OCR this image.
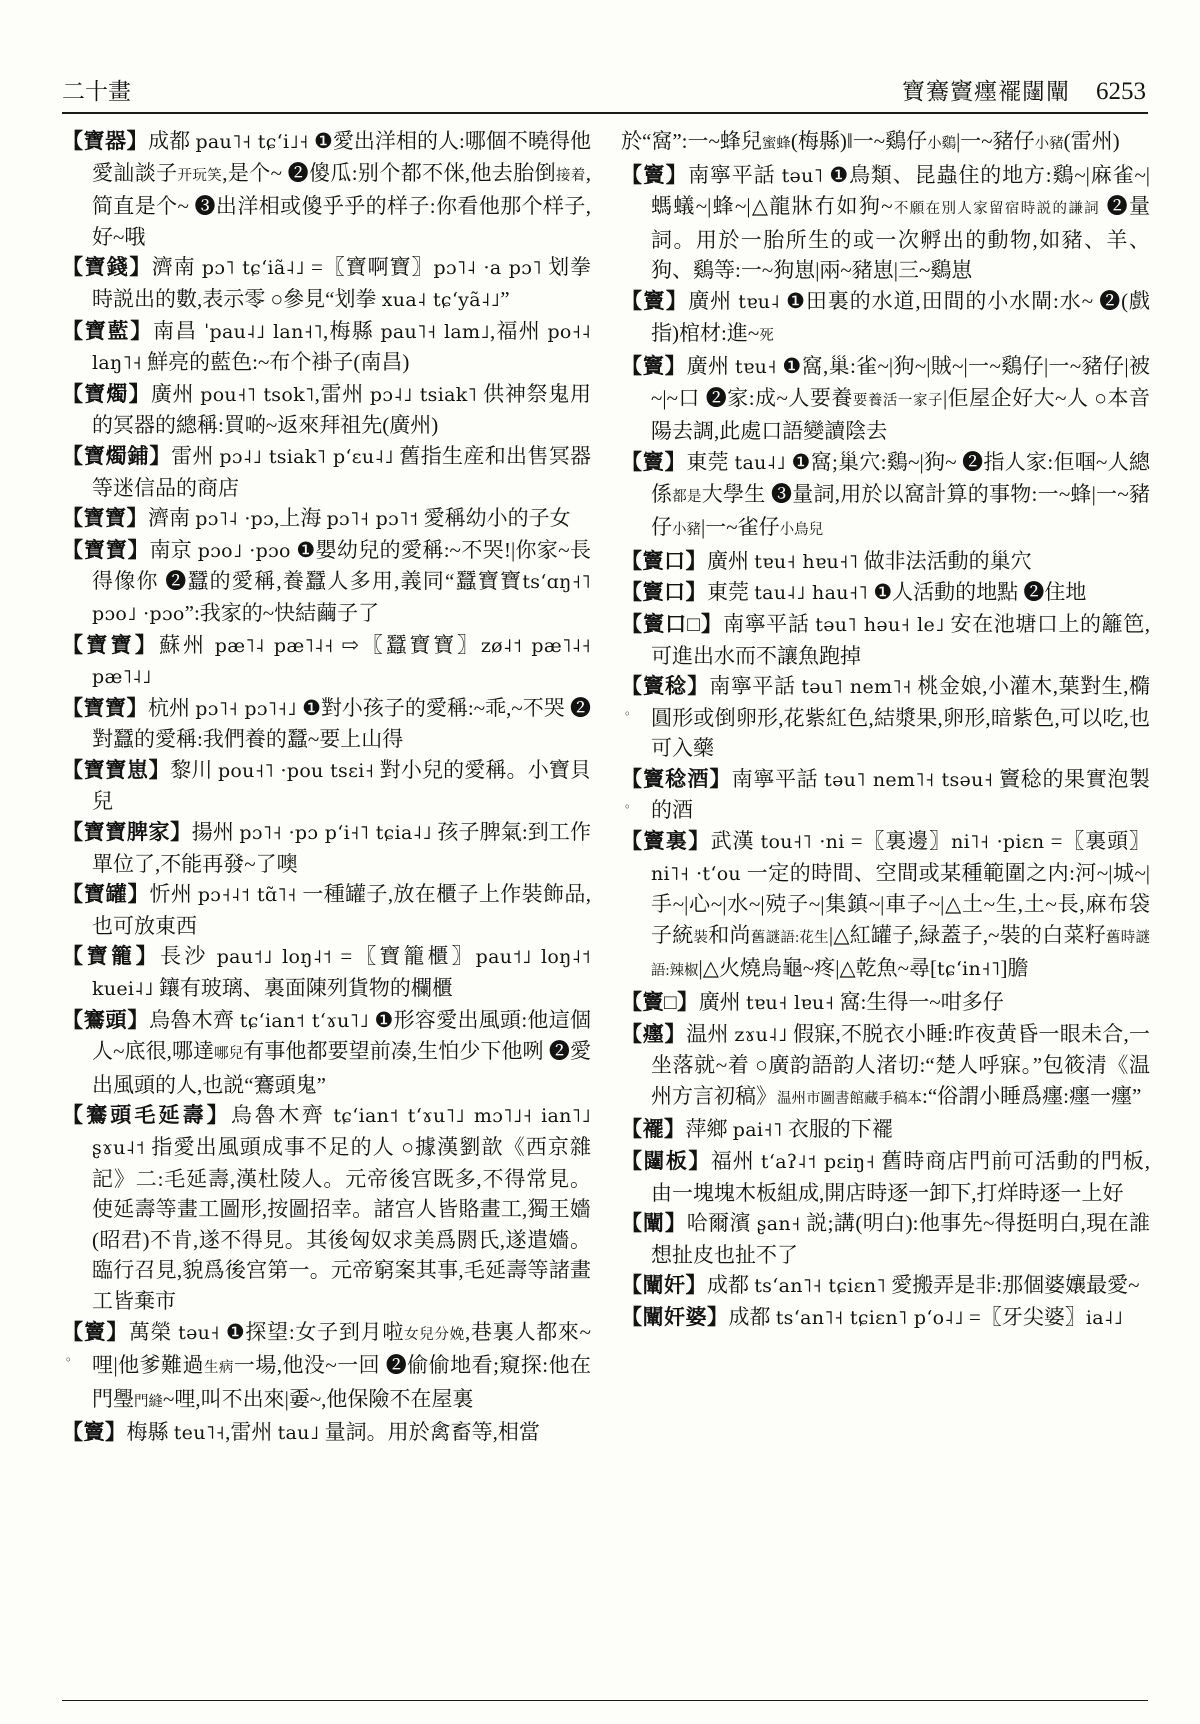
二十畫	寶鶱竇癦襬闥闡 6253

【寶器】成都 pau˥˧ tɕʻi˩˧ ❶愛出洋相的人:哪個不曉得他愛訕談子开玩笑,是个~ ❷傻瓜:别个都不侎,他去胎倒接着,简直是个~ ❸出洋相或傻乎乎的样子:你看他那个样子,好~哦

【寶錢】濟南 pɔ˥ tɕʻiã˨˩ =〖寶啊寶〗pɔ˥˨ ·a pɔ˥ 划拳時説出的數,表示零 ○參見“划拳 xua˨ tɕʻyã˨˩”

【寶藍】南昌 ˈpau˨˩ lan˧˥,梅縣 pau˥˧ lam˩,福州 po˧˨ laŋ˥˧ 鮮亮的藍色:~布个褂子(南昌)

【寶燭】廣州 pou˧˥ tsok˥,雷州 pɔ˨˩ tsiak˥ 供神祭鬼用的冥器的總稱:買啲~返來拜祖先(廣州)

【寶燭鋪】雷州 pɔ˨˩ tsiak˥ pʻɛu˨˩ 舊指生産和出售冥器等迷信品的商店

【寶寶】濟南 pɔ˥˨ ·pɔ,上海 pɔ˥˧ pɔ˥˦ 愛稱幼小的子女

【寶寶】南京 pɔo˩ ·pɔo ❶嬰幼兒的愛稱:~不哭!|你家~長得像你 ❷蠶的愛稱,養蠶人多用,義同“蠶寶寶tsʻɑŋ˧˥ pɔo˩ ·pɔo”:我家的~快結繭子了

【寶寶】蘇州 pæ˥˨ pæ˥˨˧ ⇨〖蠶寶寶〗zø˨˦ pæ˥˨˧ pæ˥˨˩

【寶寶】杭州 pɔ˥˧ pɔ˥˧˩ ❶對小孩子的愛稱:~乖,~不哭 ❷對蠶的愛稱:我們養的蠶~要上山得

【寶寶崽】黎川 pou˧˥ ·pou tsɛi˧ 對小兒的愛稱。小寶貝兒

【寶寶脾家】揚州 pɔ˥˧ ·pɔ pʻi˧˥ tɕia˨˩ 孩子脾氣:到工作單位了,不能再發~了噢

【寶罐】忻州 pɔ˧˨˦ tɑ̃˥˧ 一種罐子,放在櫃子上作裝飾品,也可放東西

【寶籠】長沙 pau˦˩ loŋ˨˦ =〖寶籠櫃〗pau˦˩ loŋ˨˦ kuei˨˩ 鑲有玻璃、裏面陳列貨物的欄櫃

【鶱頭】烏魯木齊 tɕʻian˦ tʻɤu˥˩ ❶形容愛出風頭:他這個人~底很,哪達哪兒有事他都要望前凑,生怕少下他咧 ❷愛出風頭的人,也説“鶱頭鬼”

【鶱頭毛延壽】烏魯木齊 tɕʻian˦ tʻɤu˥˩ mɔ˥˩˧ ian˥˩ ʂɤu˨˦ 指愛出風頭成事不足的人 ○據漢劉歆《西京雜記》二:毛延壽,漢杜陵人。元帝後宫既多,不得常見。使延壽等畫工圖形,按圖招幸。諸宫人皆賂畫工,獨王嬙(昭君)不肯,遂不得見。其後匈奴求美爲閼氏,遂遣嬙。臨行召見,貌爲後宫第一。元帝窮案其事,毛延壽等諸畫工皆棄市

。
【竇】萬榮 təu˧ ❶探望:女子到月啦女兒分娩,巷裏人都來~哩|他爹難過生病一場,他没~一回 ❷偷偷地看;窺探:他在門璺門縫~哩,叫不出來|嫑~,他保險不在屋裏

【竇】梅縣 teu˥˧,雷州 tau˩ 量詞。用於禽畜等,相當

於“窩”:一~蜂兒蜜蜂(梅縣)‖一~鷄仔小鷄|一~豬仔小豬(雷州)

【竇】南寧平話 təu˥ ❶鳥類、昆蟲住的地方:鷄~|麻雀~|螞蟻~|蜂~|△龍牀冇如狗~不願在別人家留宿時説的謙詞 ❷量詞。用於一胎所生的或一次孵出的動物,如豬、羊、狗、鷄等:一~狗崽|兩~豬崽|三~鷄崽

【竇】廣州 tɐu˨ ❶田裏的水道,田間的小水閘:水~ ❷(戲指)棺材:進~死

【竇】廣州 tɐu˧ ❶窩,巢:雀~|狗~|賊~|一~鷄仔|一~豬仔|被~|~口 ❷家:成~人要養要養活一家子|佢屋企好大~人 ○本音陽去調,此處口語變讀陰去

【竇】東莞 tau˨˩ ❶窩;巢穴:鷄~|狗~ ❷指人家:佢啯~人總係都是大學生 ❸量詞,用於以窩計算的事物:一~蜂|一~豬仔小豬|一~雀仔小鳥兒

【竇口】廣州 tɐu˧ hɐu˧˥ 做非法活動的巢穴

【竇口】東莞 tau˨˩ hau˧˥ ❶人活動的地點 ❷住地

【竇口□】南寧平話 təu˥ həu˧ le˩ 安在池塘口上的籬笆,可進出水而不讓魚跑掉

。
【竇稔】南寧平話 təu˥ nem˥˧ 桃金娘,小灌木,葉對生,橢圓形或倒卵形,花紫紅色,結漿果,卵形,暗紫色,可以吃,也可入藥

。
【竇稔酒】南寧平話 təu˥ nem˥˧ tsəu˧ 竇稔的果實泡製的酒

【竇裏】武漢 tou˧˥ ·ni =〖裏邊〗ni˥˧ ·piɛn =〖裏頭〗ni˥˧ ·tʻou 一定的時間、空間或某種範圍之内:河~|城~|手~|心~|水~|殑子~|集鎮~|車子~|△土~生,土~長,麻布袋子統裝和尚舊謎語:花生|△紅罐子,緑蓋子,~裝的白菜籽舊時謎語:辣椒|△火燒烏龜~疼|△乾魚~尋[tɕʻin˧˥]膽

【竇□】廣州 tɐu˧ lɐu˧ 窩:生得一~咁多仔

【癦】温州 zɤu˨˩ 假寐,不脱衣小睡:昨夜黄昏一眼未合,一坐落就~着 ○廣韵語韵人渚切:“楚人呼寐。”包筱清《温州方言初稿》温州市圖書館藏手稿本:“俗謂小睡爲癦:癦一癦”

【襬】萍鄉 pai˧˥ 衣服的下襬

【闥板】福州 tʻaʔ˨˦ pɛiŋ˧ 舊時商店門前可活動的門板,由一塊塊木板組成,開店時逐一卸下,打烊時逐一上好

【闡】哈爾濱 ʂan˧ 説;講(明白):他事先~得挺明白,現在誰想扯皮也扯不了

【闡奸】成都 tsʻan˥˧ tɕiɛn˥ 愛搬弄是非:那個婆孃最愛~

【闡奸婆】成都 tsʻan˥˧ tɕiɛn˥ pʻo˨˩ =〖牙尖婆〗ia˨˩
